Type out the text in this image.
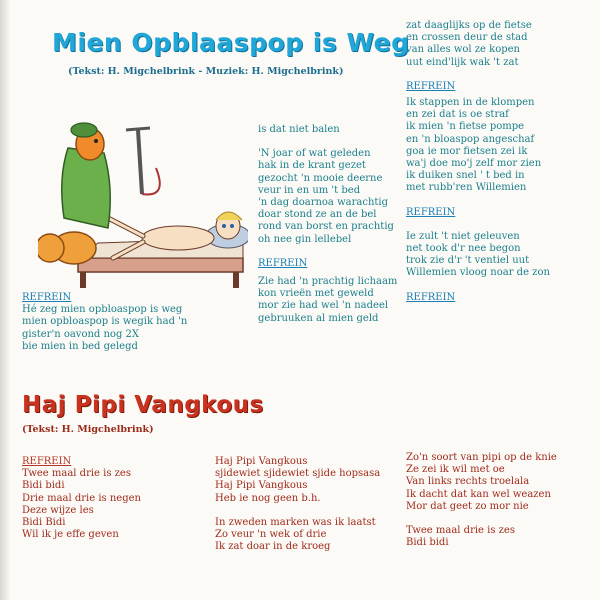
Mien Opblaaspop is Weg
(Tekst: H. Migchelbrink - Muziek: H. Migchelbrink)
REFREIN
Hé zeg mien opbloaspop is weg
mien opbloaspop is wegik had 'n
gister'n oavond nog 2X
bie mien in bed gelegd
is dat niet balen
'N joar of wat geleden
hak in de krant gezet
gezocht 'n mooie deerne
veur in en um 't bed
'n dag doarnoa warachtig
doar stond ze an de bel
rond van borst en prachtig
oh nee gin lellebel
REFREIN
Zie had 'n prachtig lichaam
kon vrieën met geweld
mor zie had wel 'n nadeel
gebruuken al mien geld
zat daaglijks op de fietse
en crossen deur de stad
van alles wol ze kopen
uut eind'lijk wak 't zat
REFREIN
Ik stappen in de klompen
en zei dat is oe straf
ik mien 'n fietse pompe
en 'n bloaspop angeschaf
goa ie mor fietsen zei ik
wa'j doe mo'j zelf mor zien
ik duiken snel ' t bed in
met rubb'ren Willemien
REFREIN
Ie zult 't niet geleuven
net took d'r nee begon
trok zie d'r 't ventiel uut
Willemien vloog noar de zon
REFREIN
Haj Pipi Vangkous
(Tekst: H. Migchelbrink)
REFREIN
Twee maal drie is zes
Bidi bidi
Drie maal drie is negen
Deze wijze les
Bidi Bidi
Wil ik je effe geven
Haj Pipi Vangkous
sjidewiet sjidewiet sjide hopsasa
Haj Pipi Vangkous
Heb ie nog geen b.h.
In zweden marken was ik laatst
Zo veur 'n wek of drie
Ik zat doar in de kroeg
Zo'n soort van pipi op de knie
Ze zei ik wil met oe
Van links rechts troelala
Ik dacht dat kan wel weazen
Mor dat geet zo mor nie
Twee maal drie is zes
Bidi bidi
